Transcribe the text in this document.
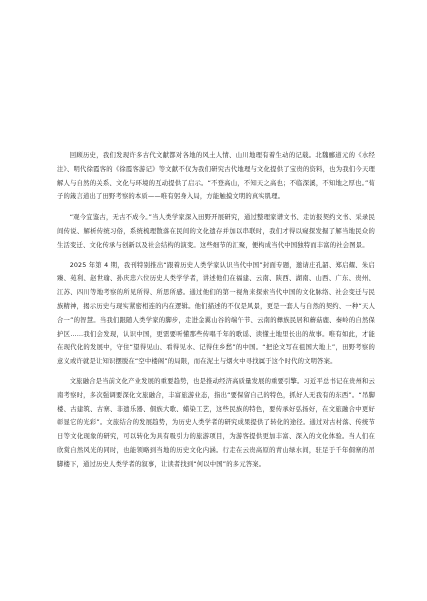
回顾历史，我们发现许多古代文献都对各地的风土人情、山川地理有着生动的记载。北魏郦道元的《水经注》、明代徐霞客的《徐霞客游记》等文献不仅为我们研究古代地理与文化提供了宝贵的资料，也为我们今天理解人与自然的关系、文化与环境的互动提供了启示。“不登高山，不知天之高也；不临深溪，不知地之厚也。”荀子的箴言道出了田野考察的本质——唯有躬身入局，方能触摸文明的真实肌理。

“观今宜鉴古，无古不成今。”当人类学家深入田野开展研究，通过整理家谱文书、走访报契约文书、采录民间传说、解析传统习俗，系统梳理散落在民间的文化遗存并加以串联时，我们才得以窥探发掘了解当地民众的生活变迁、文化传承与创新以及社会结构的演变。这些细节的汇聚，便构成当代中国独特而丰富的社会图景。

2025 年第 4 期，我刊特别推出“跟着历史人类学家认识当代中国”封面专题，邀请庄孔韶、郑启耀、朱启臻、苑利、赵世瑜、孙庆忠六位历史人类学学者，讲述他们在福建、云南、陕西、湖南、山西、广东、贵州、江苏、四川等地考察的所见所得、所思所感。通过他们的第一视角来探索当代中国的文化脉络、社会变迁与民族精神，揭示历史与现实紧密相连的内在逻辑。他们描述的不仅是风景，更是一套人与自然的契约、一种“天人合一”的智慧。当我们跟随人类学家的脚步，走进金翼山谷的端午节、云南的彝族民居和蘑菇鹿、秦岭的自然保护区……我们会发现，认识中国，更需要听懂那些传唱千年的歌谣、读懂土地里长出的故事。唯有如此，才能在现代化的发展中，守住“望得见山、看得见水、记得住乡愁”的中国。“把论文写在祖国大地上”，田野考察的意义或许就是让知识摆脱在“空中楼阁”的局限，而在泥土与烟火中寻找属于这个时代的文明答案。

文旅融合是当前文化产业发展的重要趋势，也是推动经济高质量发展的重要引擎。习近平总书记在贵州和云南考察时，多次强调要深化文旅融合，丰富旅游业态，指出“要保留自己的特色，抓好人无我有的东西”。“吊脚楼、古建筑、古寨、非遗乐器、侗族大歌、蜡染工艺，这些民族的特色，要传承好弘扬好，在文旅融合中更好彰显它的光彩”。文旅结合的发展趋势，为历史人类学者的研究成果提供了转化的途径。通过对古村落、传统节日等文化现象的研究，可以转化为具有吸引力的旅游项目，为游客提供更加丰富、深入的文化体验。当人们在欣赏自然风光的同时，也能领略到当地的历史文化内涵。行走在云贵高原的青山绿水间，驻足于千年侗寨的吊脚楼下，通过历史人类学者的叙事，让读者找到“何以中国”的多元答案。
